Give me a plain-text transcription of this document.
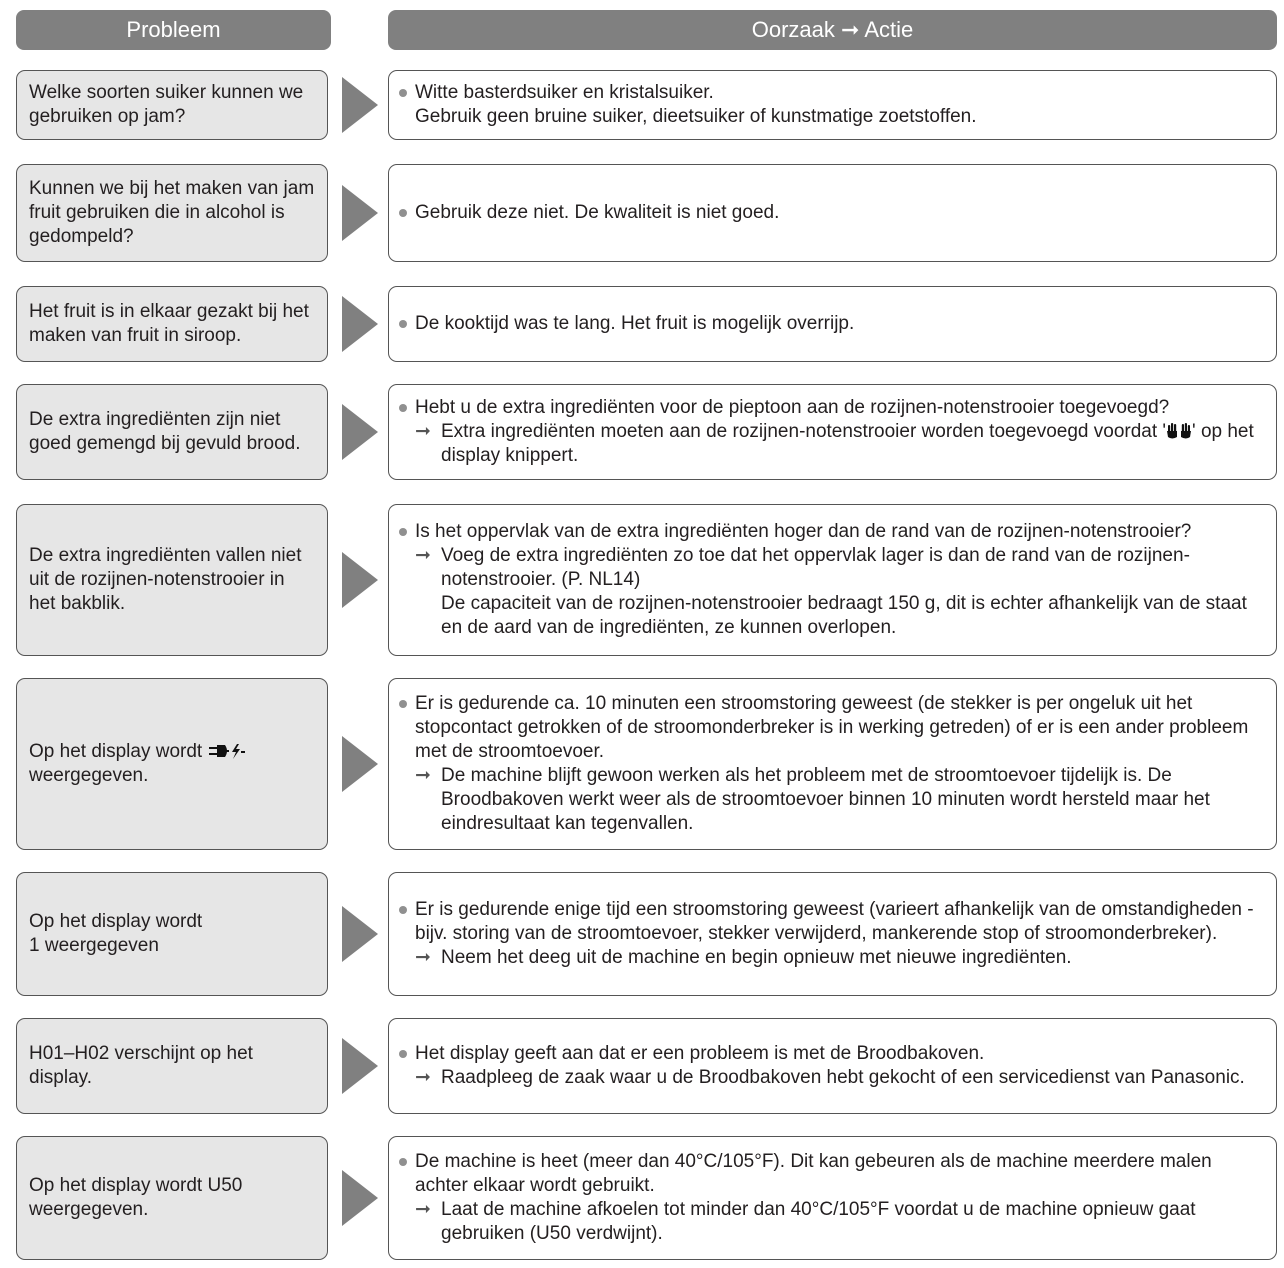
Probleem	Oorzaak ➞ Actie
Welke soorten suiker kunnen we gebruiken op jam?
Witte basterdsuiker en kristalsuiker.
Gebruik geen bruine suiker, dieetsuiker of kunstmatige zoetstoffen.
Kunnen we bij het maken van jam fruit gebruiken die in alcohol is gedompeld?
Gebruik deze niet. De kwaliteit is niet goed.
Het fruit is in elkaar gezakt bij het maken van fruit in siroop.
De kooktijd was te lang. Het fruit is mogelijk overrijp.
De extra ingrediënten zijn niet goed gemengd bij gevuld brood.
Hebt u de extra ingrediënten voor de pieptoon aan de rozijnen-notenstrooier toegevoegd?
➞ Extra ingrediënten moeten aan de rozijnen-notenstrooier worden toegevoegd voordat ' ' op het display knippert.
De extra ingrediënten vallen niet uit de rozijnen-notenstrooier in het bakblik.
Is het oppervlak van de extra ingrediënten hoger dan de rand van de rozijnen-notenstrooier?
➞ Voeg de extra ingrediënten zo toe dat het oppervlak lager is dan de rand van de rozijnen-notenstrooier. (P. NL14)
De capaciteit van de rozijnen-notenstrooier bedraagt 150 g, dit is echter afhankelijk van de staat en de aard van de ingrediënten, ze kunnen overlopen.
Op het display wordt
weergegeven.
Er is gedurende ca. 10 minuten een stroomstoring geweest (de stekker is per ongeluk uit het stopcontact getrokken of de stroomonderbreker is in werking getreden) of er is een ander probleem met de stroomtoevoer.
➞ De machine blijft gewoon werken als het probleem met de stroomtoevoer tijdelijk is. De Broodbakoven werkt weer als de stroomtoevoer binnen 10 minuten wordt hersteld maar het eindresultaat kan tegenvallen.
Op het display wordt
1 weergegeven
Er is gedurende enige tijd een stroomstoring geweest (varieert afhankelijk van de omstandigheden - bijv. storing van de stroomtoevoer, stekker verwijderd, mankerende stop of stroomonderbreker).
➞ Neem het deeg uit de machine en begin opnieuw met nieuwe ingrediënten.
H01–H02 verschijnt op het display.
Het display geeft aan dat er een probleem is met de Broodbakoven.
➞ Raadpleeg de zaak waar u de Broodbakoven hebt gekocht of een servicedienst van Panasonic.
Op het display wordt U50 weergegeven.
De machine is heet (meer dan 40°C/105°F). Dit kan gebeuren als de machine meerdere malen achter elkaar wordt gebruikt.
➞ Laat de machine afkoelen tot minder dan 40°C/105°F voordat u de machine opnieuw gaat gebruiken (U50 verdwijnt).
